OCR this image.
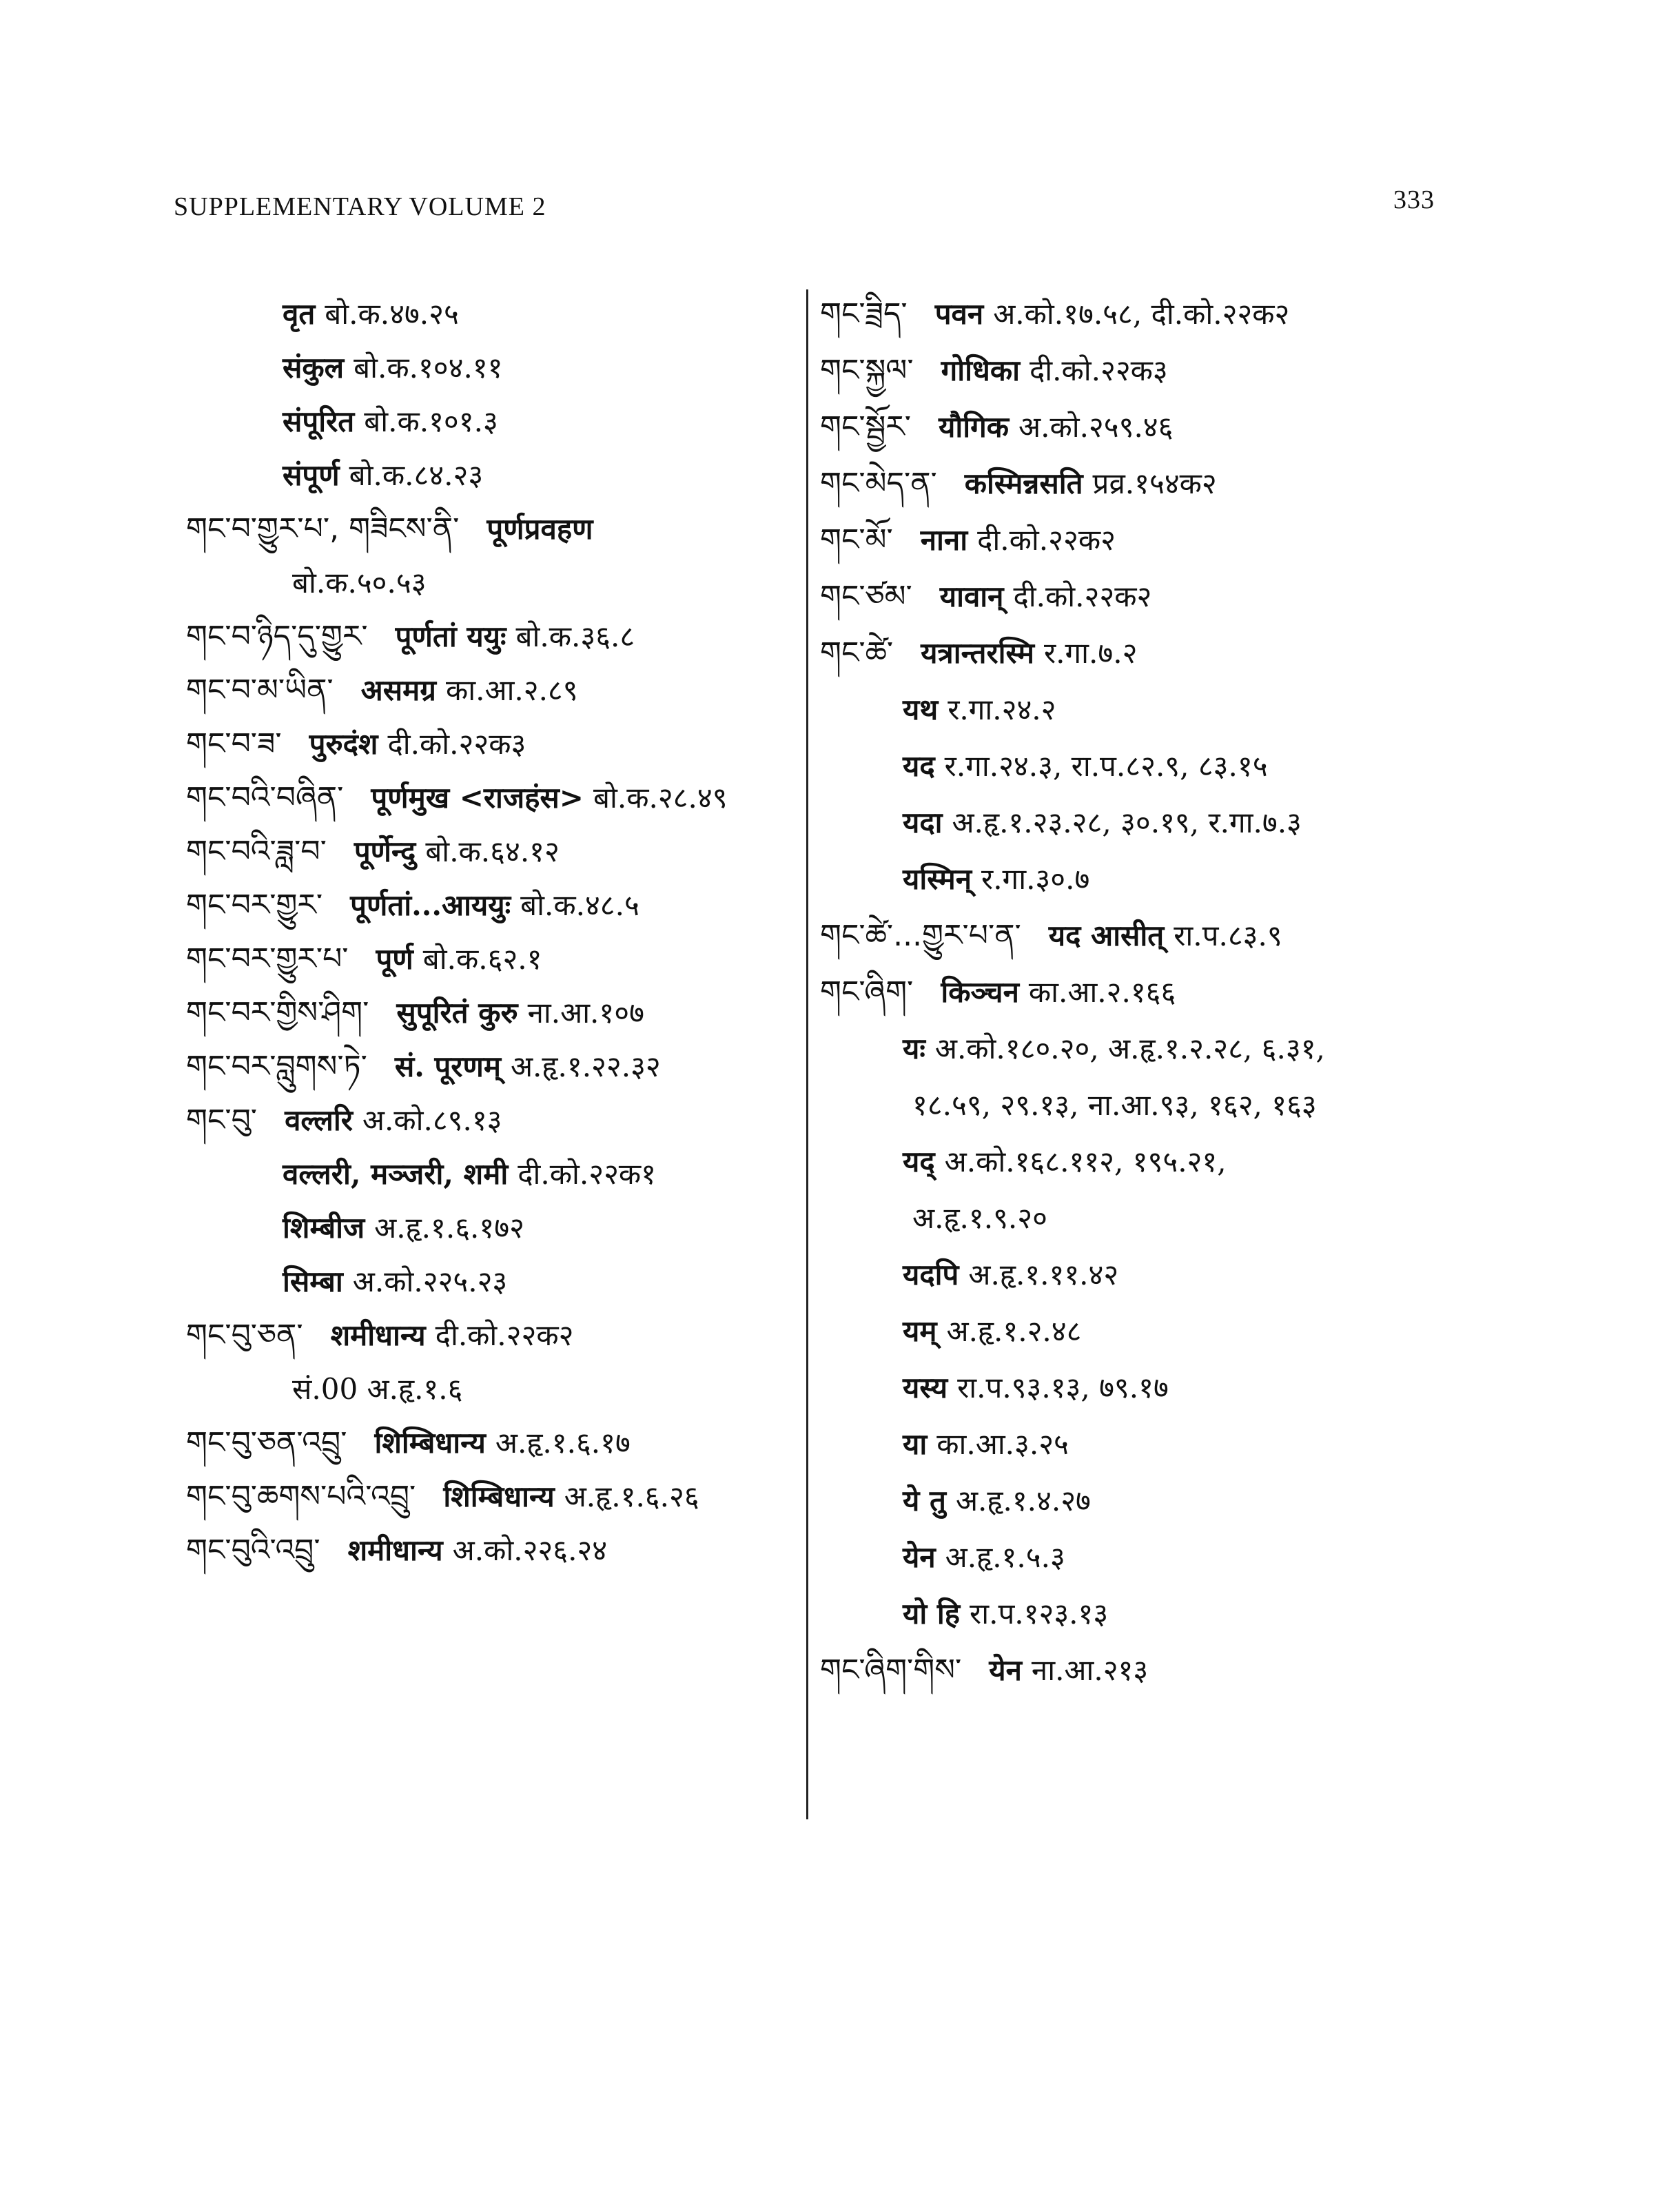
SUPPLEMENTARY VOLUME 2	333
वृत बो.क.४७.२५
संकुल बो.क.१०४.११
संपूरित बो.क.१०१.३
संपूर्ण बो.क.८४.२३
གང་བ་གྱུར་པ་, གཟིངས་ནི་ पूर्णप्रवहण
बो.क.५०.५३
གང་བ་ཉིད་དུ་གྱུར་ पूर्णतां ययुः बो.क.३६.८
གང་བ་མ་ཡིན་ असमग्र का.आ.२.८९
གང་བ་ཟ་ पुरुदंश दी.को.२२क३
གང་བའི་བཞིན་ पूर्णमुख <राजहंस> बो.क.२८.४९
གང་བའི་ཟླ་བ་ पूर्णेन्दु बो.क.६४.१२
གང་བར་གྱུར་ पूर्णतां...आययुः बो.क.४८.५
གང་བར་གྱུར་པ་ पूर्ण बो.क.६२.१
གང་བར་གྱིས་ཤིག་ सुपूरितं कुरु ना.आ.१०७
གང་བར་བླུགས་ཏེ་ सं. पूरणम् अ.हृ.१.२२.३२
གང་བུ་ वल्लरि अ.को.८९.१३
वल्लरी, मञ्जरी, शमी दी.को.२२क१
शिम्बीज अ.हृ.१.६.१७२
सिम्बा अ.को.२२५.२३
གང་བུ་ཅན་ शमीधान्य दी.को.२२क२
सं.00 अ.हृ.१.६
གང་བུ་ཅན་འབྲུ་ शिम्बिधान्य अ.हृ.१.६.१७
གང་བུ་ཆགས་པའི་འབྲུ་ शिम्बिधान्य अ.हृ.१.६.२६
གང་བུའི་འབྲུ་ शमीधान्य अ.को.२२६.२४
གང་ཟྲིད་ पवन अ.को.१७.५८, दी.को.२२क२
གང་སྐྱལ་ गोधिका दी.को.२२क३
གང་སྦྱོར་ यौगिक अ.को.२५९.४६
གང་མེད་ན་ कस्मिन्नसति प्रव्र.१५४क२
གང་མོ་ नाना दी.को.२२क२
གང་ཙམ་ यावान् दी.को.२२क२
གང་ཚེ་ यत्रान्तरस्मि र.गा.७.२
यथ र.गा.२४.२
यद र.गा.२४.३, रा.प.८२.९, ८३.१५
यदा अ.हृ.१.२३.२८, ३०.१९, र.गा.७.३
यस्मिन् र.गा.३०.७
གང་ཚེ་...གྱུར་པ་ན་ यद आसीत् रा.प.८३.९
གང་ཞིག་ किञ्चन का.आ.२.१६६
यः अ.को.१८०.२०, अ.हृ.१.२.२८, ६.३१,
१८.५९, २९.१३, ना.आ.९३, १६२, १६३
यद् अ.को.१६८.११२, १९५.२१,
अ.हृ.१.९.२०
यदपि अ.हृ.१.११.४२
यम् अ.हृ.१.२.४८
यस्य रा.प.९३.१३, ७९.१७
या का.आ.३.२५
ये तु अ.हृ.१.४.२७
येन अ.हृ.१.५.३
यो हि रा.प.१२३.१३
གང་ཞིག་གིས་ येन ना.आ.२१३
